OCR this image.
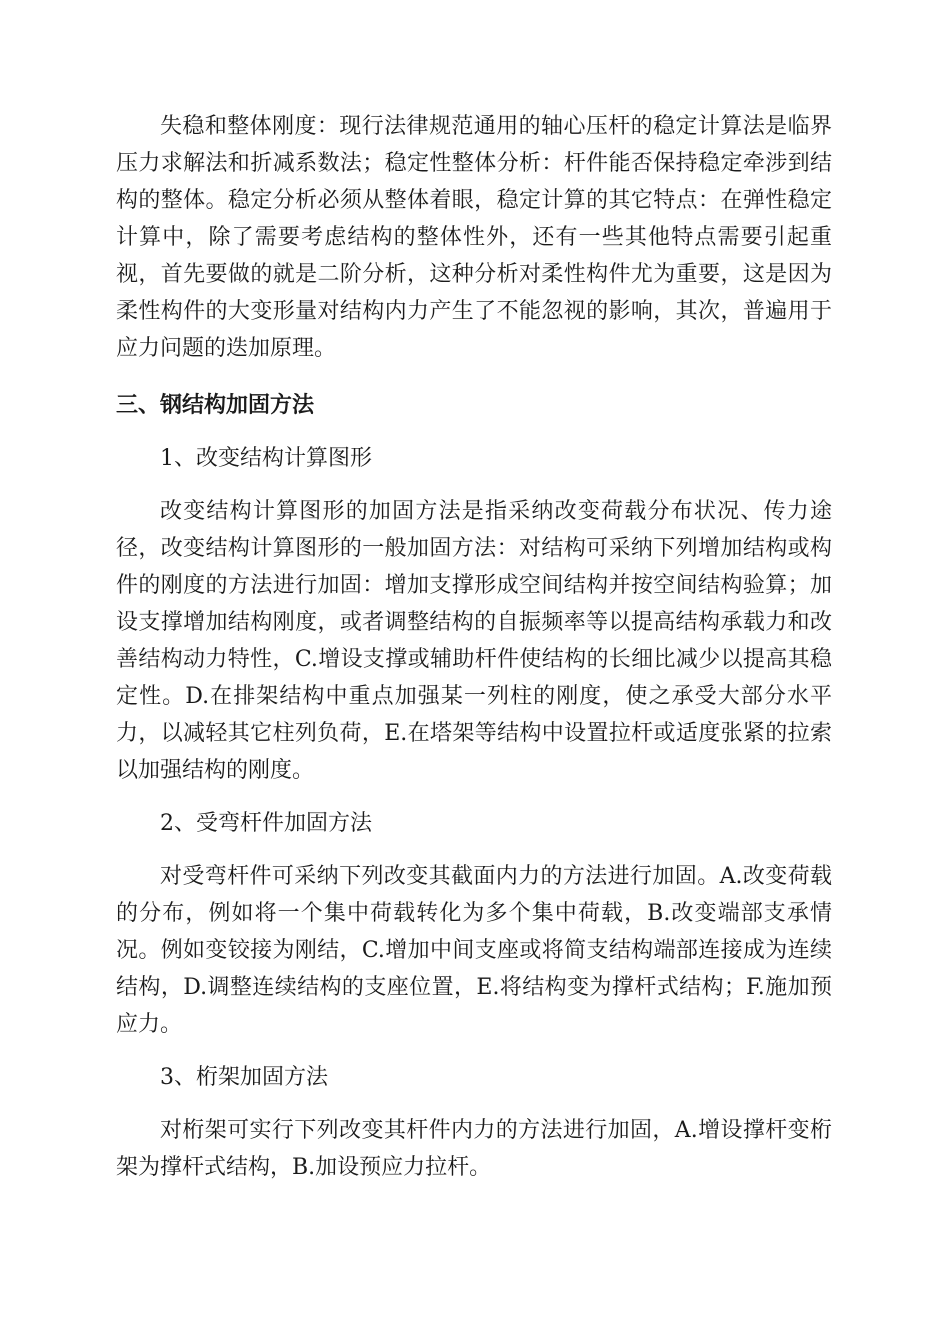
失稳和整体刚度：现行法律规范通用的轴心压杆的稳定计算法是临界压力求解法和折减系数法；稳定性整体分析：杆件能否保持稳定牵涉到结构的整体。稳定分析必须从整体着眼，稳定计算的其它特点：在弹性稳定计算中，除了需要考虑结构的整体性外，还有一些其他特点需要引起重视，首先要做的就是二阶分析，这种分析对柔性构件尤为重要，这是因为柔性构件的大变形量对结构内力产生了不能忽视的影响，其次，普遍用于应力问题的迭加原理。

三、钢结构加固方法

1、改变结构计算图形

改变结构计算图形的加固方法是指采纳改变荷载分布状况、传力途径，改变结构计算图形的一般加固方法：对结构可采纳下列增加结构或构件的刚度的方法进行加固：增加支撑形成空间结构并按空间结构验算；加设支撑增加结构刚度，或者调整结构的自振频率等以提高结构承载力和改善结构动力特性，C.增设支撑或辅助杆件使结构的长细比减少以提高其稳定性。D.在排架结构中重点加强某一列柱的刚度，使之承受大部分水平力，以减轻其它柱列负荷，E.在塔架等结构中设置拉杆或适度张紧的拉索以加强结构的刚度。

2、受弯杆件加固方法

对受弯杆件可采纳下列改变其截面内力的方法进行加固。A.改变荷载的分布，例如将一个集中荷载转化为多个集中荷载，B.改变端部支承情况。例如变铰接为刚结，C.增加中间支座或将简支结构端部连接成为连续结构，D.调整连续结构的支座位置，E.将结构变为撑杆式结构；F.施加预应力。

3、桁架加固方法

对桁架可实行下列改变其杆件内力的方法进行加固，A.增设撑杆变桁架为撑杆式结构，B.加设预应力拉杆。
